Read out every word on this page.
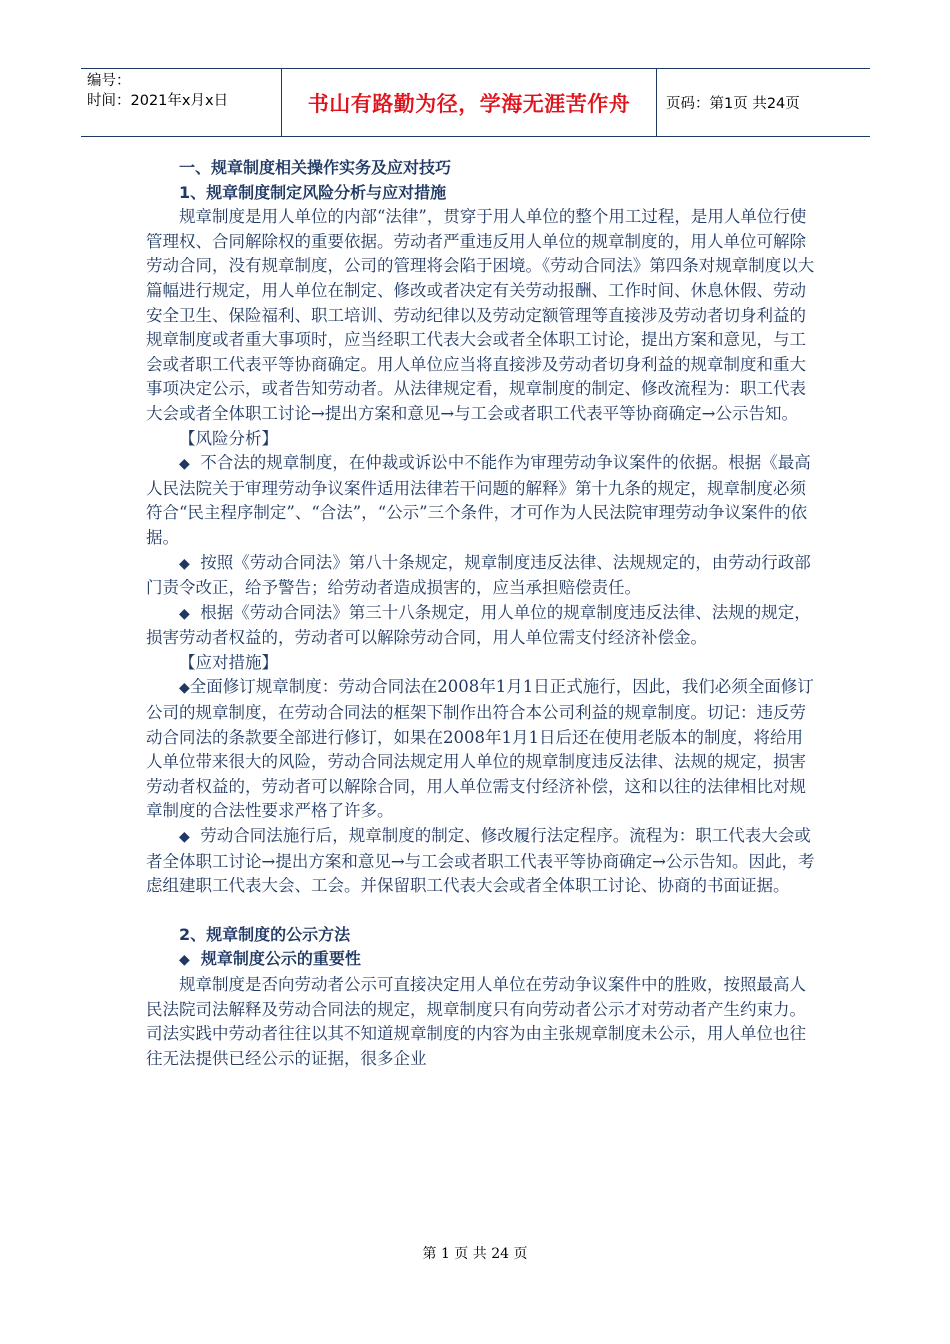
编号：
时间：2021年x月x日	书山有路勤为径，学海无涯苦作舟	页码：第1页 共24页

一、规章制度相关操作实务及应对技巧

1、规章制度制定风险分析与应对措施

规章制度是用人单位的内部“法律”，贯穿于用人单位的整个用工过程，是用人单位行使管理权、合同解除权的重要依据。劳动者严重违反用人单位的规章制度的，用人单位可解除劳动合同，没有规章制度，公司的管理将会陷于困境。《劳动合同法》第四条对规章制度以大篇幅进行规定，用人单位在制定、修改或者决定有关劳动报酬、工作时间、休息休假、劳动安全卫生、保险福利、职工培训、劳动纪律以及劳动定额管理等直接涉及劳动者切身利益的规章制度或者重大事项时，应当经职工代表大会或者全体职工讨论，提出方案和意见，与工会或者职工代表平等协商确定。用人单位应当将直接涉及劳动者切身利益的规章制度和重大事项决定公示，或者告知劳动者。从法律规定看，规章制度的制定、修改流程为：职工代表大会或者全体职工讨论→提出方案和意见→与工会或者职工代表平等协商确定→公示告知。

【风险分析】

◆ 不合法的规章制度，在仲裁或诉讼中不能作为审理劳动争议案件的依据。根据《最高人民法院关于审理劳动争议案件适用法律若干问题的解释》第十九条的规定，规章制度必须符合“民主程序制定”、“合法”，“公示”三个条件，才可作为人民法院审理劳动争议案件的依据。

◆ 按照《劳动合同法》第八十条规定，规章制度违反法律、法规规定的，由劳动行政部门责令改正，给予警告；给劳动者造成损害的，应当承担赔偿责任。

◆ 根据《劳动合同法》第三十八条规定，用人单位的规章制度违反法律、法规的规定，损害劳动者权益的，劳动者可以解除劳动合同，用人单位需支付经济补偿金。

【应对措施】

◆全面修订规章制度：劳动合同法在2008年1月1日正式施行，因此，我们必须全面修订公司的规章制度，在劳动合同法的框架下制作出符合本公司利益的规章制度。切记：违反劳动合同法的条款要全部进行修订，如果在2008年1月1日后还在使用老版本的制度，将给用人单位带来很大的风险，劳动合同法规定用人单位的规章制度违反法律、法规的规定，损害劳动者权益的，劳动者可以解除合同，用人单位需支付经济补偿，这和以往的法律相比对规章制度的合法性要求严格了许多。

◆ 劳动合同法施行后，规章制度的制定、修改履行法定程序。流程为：职工代表大会或者全体职工讨论→提出方案和意见→与工会或者职工代表平等协商确定→公示告知。因此，考虑组建职工代表大会、工会。并保留职工代表大会或者全体职工讨论、协商的书面证据。

2、规章制度的公示方法

◆ 规章制度公示的重要性

规章制度是否向劳动者公示可直接决定用人单位在劳动争议案件中的胜败，按照最高人民法院司法解释及劳动合同法的规定，规章制度只有向劳动者公示才对劳动者产生约束力。司法实践中劳动者往往以其不知道规章制度的内容为由主张规章制度未公示，用人单位也往往无法提供已经公示的证据，很多企业

第 1 页 共 24 页
